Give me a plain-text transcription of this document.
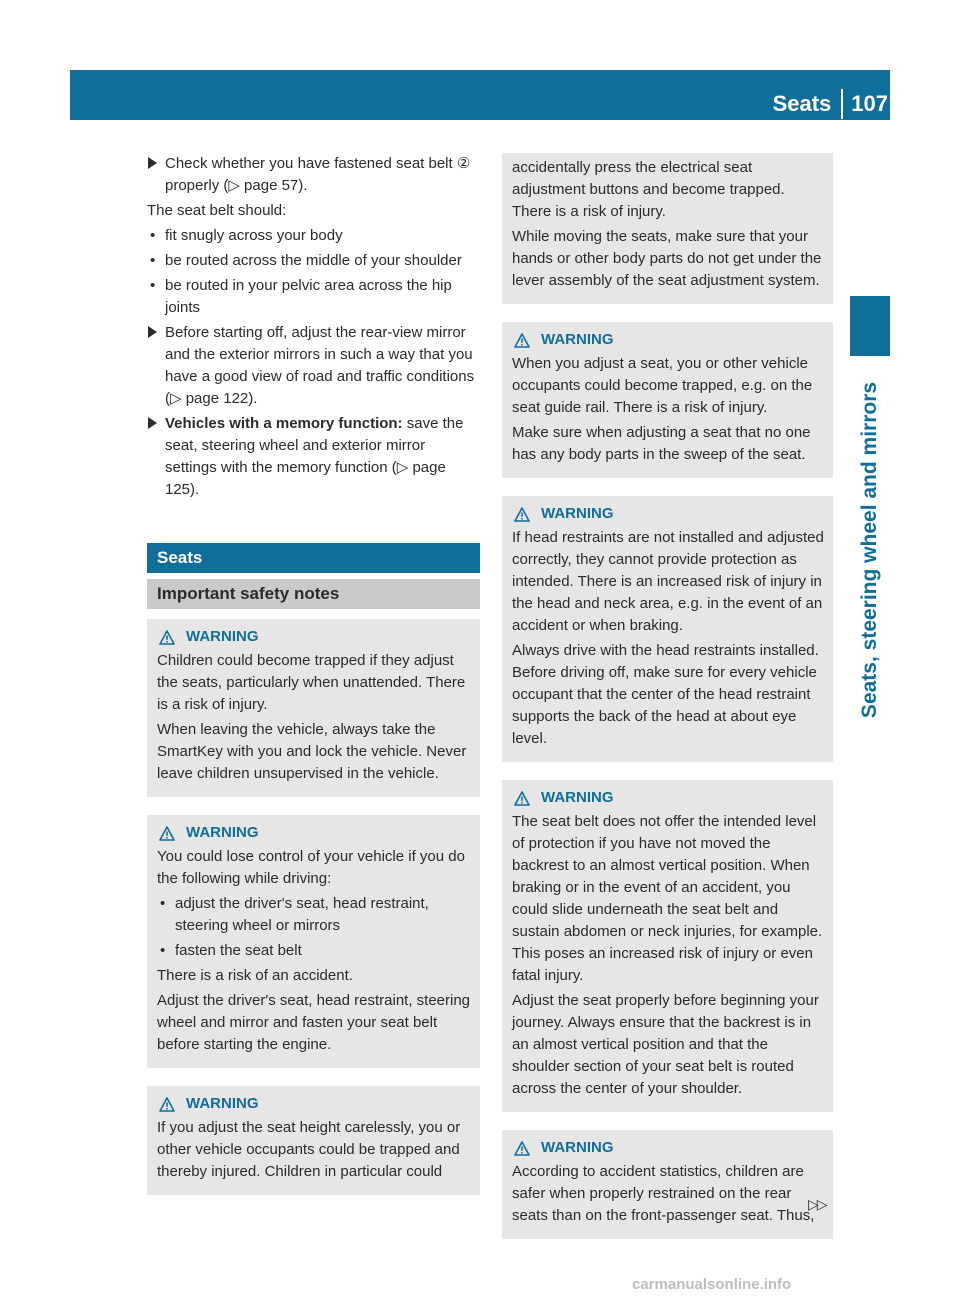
Seats 107
Seats, steering wheel and mirrors
Check whether you have fastened seat belt ② properly (▷ page 57).

The seat belt should:

• fit snugly across your body
• be routed across the middle of your shoulder
• be routed in your pelvic area across the hip joints
Before starting off, adjust the rear-view mirror and the exterior mirrors in such a way that you have a good view of road and traffic conditions (▷ page 122).
Vehicles with a memory function: save the seat, steering wheel and exterior mirror settings with the memory function (▷ page 125).
Seats
Important safety notes
WARNING

Children could become trapped if they adjust the seats, particularly when unattended. There is a risk of injury.

When leaving the vehicle, always take the SmartKey with you and lock the vehicle. Never leave children unsupervised in the vehicle.

WARNING

You could lose control of your vehicle if you do the following while driving:

• adjust the driver's seat, head restraint, steering wheel or mirrors
• fasten the seat belt

There is a risk of an accident.

Adjust the driver's seat, head restraint, steering wheel and mirror and fasten your seat belt before starting the engine.

WARNING

If you adjust the seat height carelessly, you or other vehicle occupants could be trapped and thereby injured. Children in particular could

accidentally press the electrical seat adjustment buttons and become trapped. There is a risk of injury.

While moving the seats, make sure that your hands or other body parts do not get under the lever assembly of the seat adjustment system.

WARNING

When you adjust a seat, you or other vehicle occupants could become trapped, e.g. on the seat guide rail. There is a risk of injury.

Make sure when adjusting a seat that no one has any body parts in the sweep of the seat.

WARNING

If head restraints are not installed and adjusted correctly, they cannot provide protection as intended. There is an increased risk of injury in the head and neck area, e.g. in the event of an accident or when braking.

Always drive with the head restraints installed. Before driving off, make sure for every vehicle occupant that the center of the head restraint supports the back of the head at about eye level.

WARNING

The seat belt does not offer the intended level of protection if you have not moved the backrest to an almost vertical position. When braking or in the event of an accident, you could slide underneath the seat belt and sustain abdomen or neck injuries, for example. This poses an increased risk of injury or even fatal injury.

Adjust the seat properly before beginning your journey. Always ensure that the backrest is in an almost vertical position and that the shoulder section of your seat belt is routed across the center of your shoulder.

WARNING

According to accident statistics, children are safer when properly restrained on the rear seats than on the front-passenger seat. Thus,

▷▷
carmanualsonline.info
